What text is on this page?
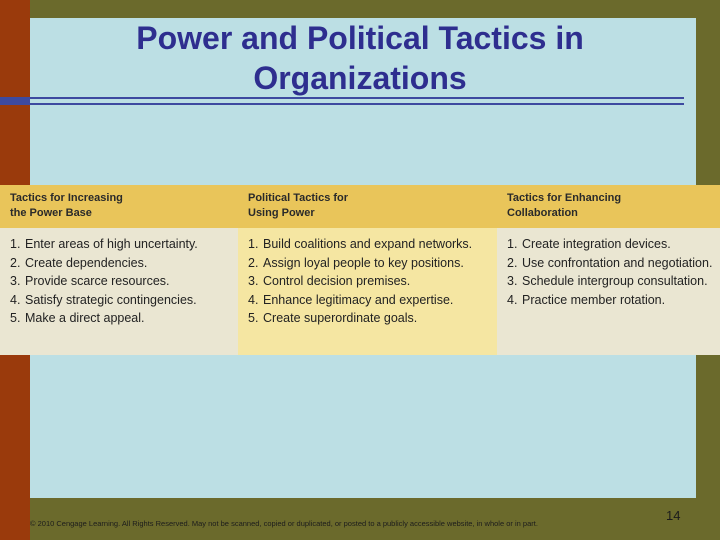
Power and Political Tactics in
Organizations
Tactics for Increasing
the Power Base
1. Enter areas of high uncertainty.
2. Create dependencies.
3. Provide scarce resources.
4. Satisfy strategic contingencies.
5. Make a direct appeal.
Political Tactics for
Using Power
1. Build coalitions and expand networks.
2. Assign loyal people to key positions.
3. Control decision premises.
4. Enhance legitimacy and expertise.
5. Create superordinate goals.
Tactics for Enhancing
Collaboration
1. Create integration devices.
2. Use confrontation and negotiation.
3. Schedule intergroup consultation.
4. Practice member rotation.
© 2010 Cengage Learning. All Rights Reserved. May not be scanned, copied or duplicated, or posted to a publicly accessible website, in whole or in part.
14
